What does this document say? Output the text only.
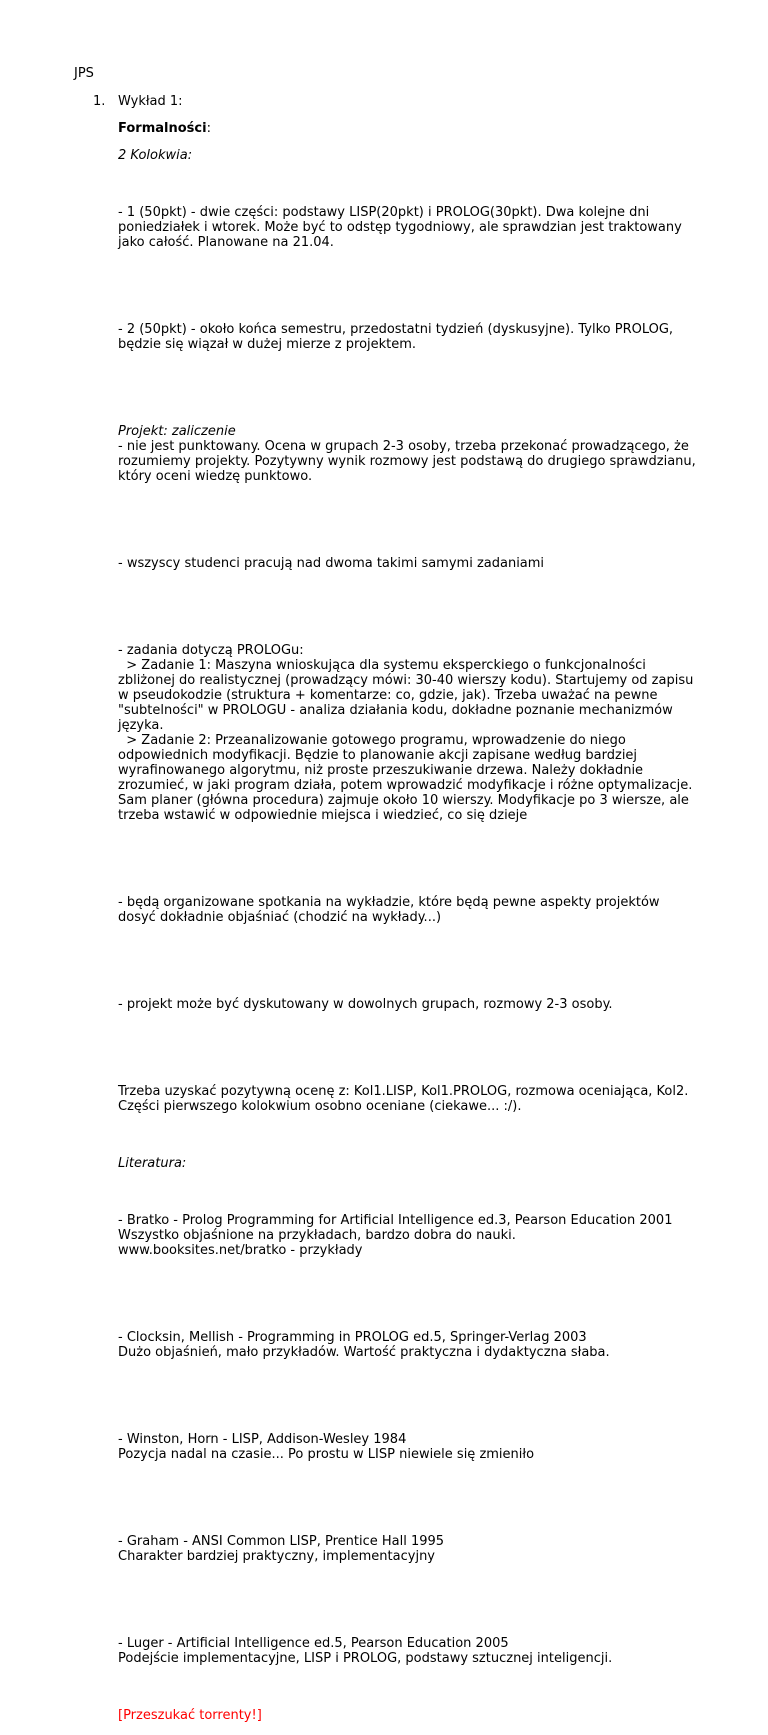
JPS
1. Wykład 1:

Formalności:

2 Kolokwia:

- 1 (50pkt) - dwie części: podstawy LISP(20pkt) i PROLOG(30pkt). Dwa kolejne dni
poniedziałek i wtorek. Może być to odstęp tygodniowy, ale sprawdzian jest traktowany
jako całość. Planowane na 21.04.

- 2 (50pkt) - około końca semestru, przedostatni tydzień (dyskusyjne). Tylko PROLOG,
będzie się wiązał w dużej mierze z projektem.

Projekt: zaliczenie
- nie jest punktowany. Ocena w grupach 2-3 osoby, trzeba przekonać prowadzącego, że
rozumiemy projekty. Pozytywny wynik rozmowy jest podstawą do drugiego sprawdzianu,
który oceni wiedzę punktowo.

- wszyscy studenci pracują nad dwoma takimi samymi zadaniami

- zadania dotyczą PROLOGu:
> Zadanie 1: Maszyna wnioskująca dla systemu eksperckiego o funkcjonalności
zbliżonej do realistycznej (prowadzący mówi: 30-40 wierszy kodu). Startujemy od zapisu
w pseudokodzie (struktura + komentarze: co, gdzie, jak). Trzeba uważać na pewne
"subtelności" w PROLOGU - analiza działania kodu, dokładne poznanie mechanizmów
języka.
> Zadanie 2: Przeanalizowanie gotowego programu, wprowadzenie do niego
odpowiednich modyfikacji. Będzie to planowanie akcji zapisane według bardziej
wyrafinowanego algorytmu, niż proste przeszukiwanie drzewa. Należy dokładnie
zrozumieć, w jaki program działa, potem wprowadzić modyfikacje i różne optymalizacje.
Sam planer (główna procedura) zajmuje około 10 wierszy. Modyfikacje po 3 wiersze, ale
trzeba wstawić w odpowiednie miejsca i wiedzieć, co się dzieje

- będą organizowane spotkania na wykładzie, które będą pewne aspekty projektów
dosyć dokładnie objaśniać (chodzić na wykłady...)

- projekt może być dyskutowany w dowolnych grupach, rozmowy 2-3 osoby.

Trzeba uzyskać pozytywną ocenę z: Kol1.LISP, Kol1.PROLOG, rozmowa oceniająca, Kol2.
Części pierwszego kolokwium osobno oceniane (ciekawe... :/).

Literatura:

- Bratko - Prolog Programming for Artificial Intelligence ed.3, Pearson Education 2001
Wszystko objaśnione na przykładach, bardzo dobra do nauki.
www.booksites.net/bratko - przykłady

- Clocksin, Mellish - Programming in PROLOG ed.5, Springer-Verlag 2003
Dużo objaśnień, mało przykładów. Wartość praktyczna i dydaktyczna słaba.

- Winston, Horn - LISP, Addison-Wesley 1984
Pozycja nadal na czasie... Po prostu w LISP niewiele się zmieniło

- Graham - ANSI Common LISP, Prentice Hall 1995
Charakter bardziej praktyczny, implementacyjny

- Luger - Artificial Intelligence ed.5, Pearson Education 2005
Podejście implementacyjne, LISP i PROLOG, podstawy sztucznej inteligencji.

[Przeszukać torrenty!]
